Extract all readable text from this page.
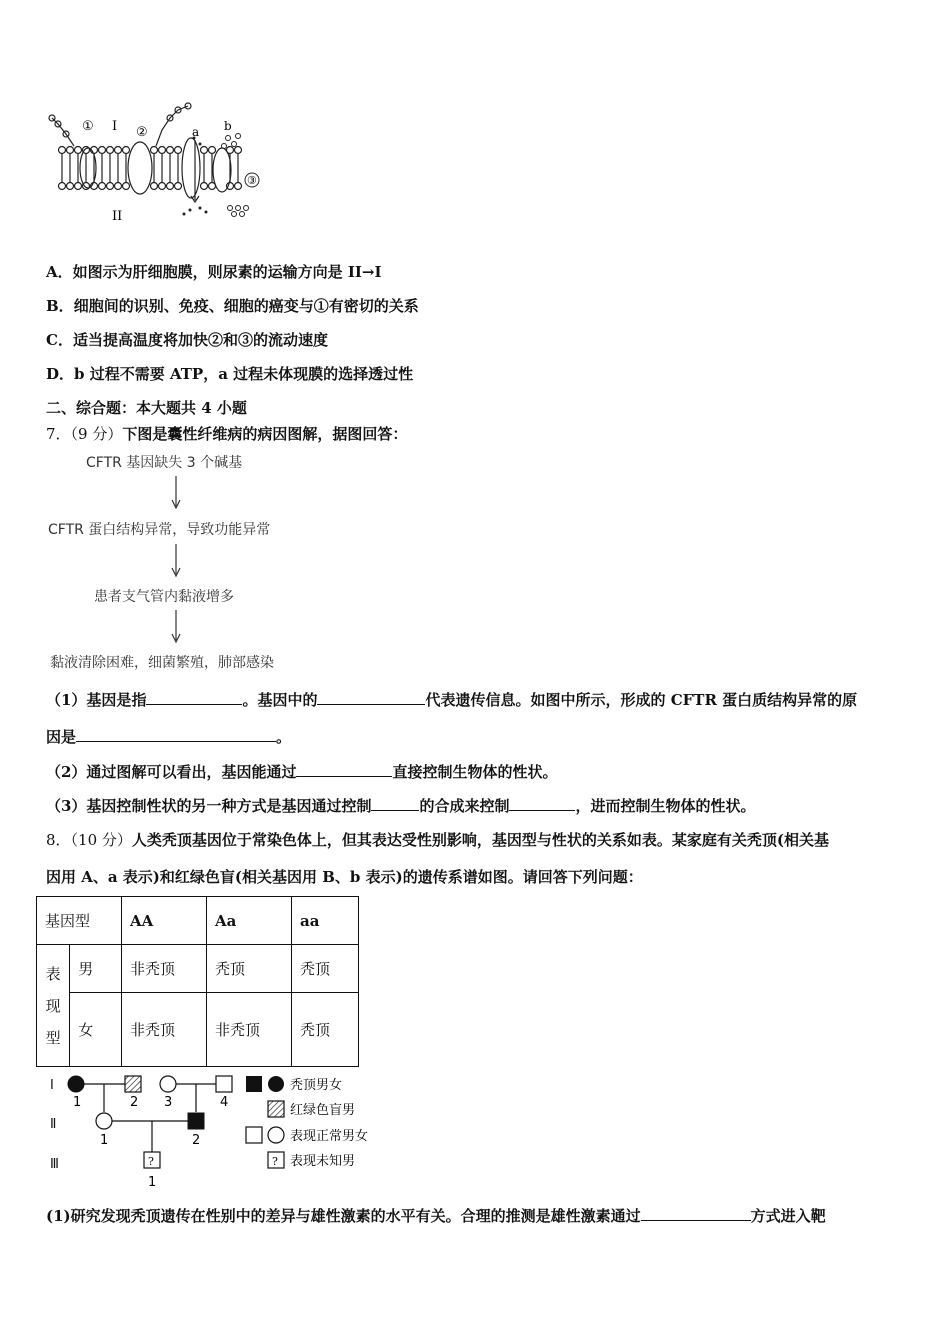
① I ②	a b
③
II
A．如图示为肝细胞膜，则尿素的运输方向是 II→I
B．细胞间的识别、免疫、细胞的癌变与①有密切的关系
C．适当提高温度将加快②和③的流动速度
D．b 过程不需要 ATP，a 过程未体现膜的选择透过性
二、综合题：本大题共 4 小题
7．（9 分）下图是囊性纤维病的病因图解，据图回答：
CFTR 基因缺失 3 个碱基
CFTR 蛋白结构异常，导致功能异常
患者支气管内黏液增多
黏液清除困难，细菌繁殖，肺部感染
（1）基因是指	。基因中的	代表遗传信息。如图中所示，形成的 CFTR 蛋白质结构异常的原
因是	。
（2）通过图解可以看出，基因能通过	直接控制生物体的性状。
（3）基因控制性状的另一种方式是基因通过控制	的合成来控制	，进而控制生物体的性状。
8．（10 分）人类秃顶基因位于常染色体上，但其表达受性别影响，基因型与性状的关系如表。某家庭有关秃顶(相关基
因用 A、a 表示)和红绿色盲(相关基因用 B、b 表示)的遗传系谱如图。请回答下列问题：
基因型		AA	Aa	aa

表现型	男	非秃顶	秃顶	秃顶
	女	非秃顶	非秃顶	秃顶
Ⅰ
Ⅱ
Ⅲ	?
1	2 3	4
1	2
1
秃顶男女
红绿色盲男
表现正常男女
? 表现未知男
(1)研究发现秃顶遗传在性别中的差异与雄性激素的水平有关。合理的推测是雄性激素通过	方式进入靶
